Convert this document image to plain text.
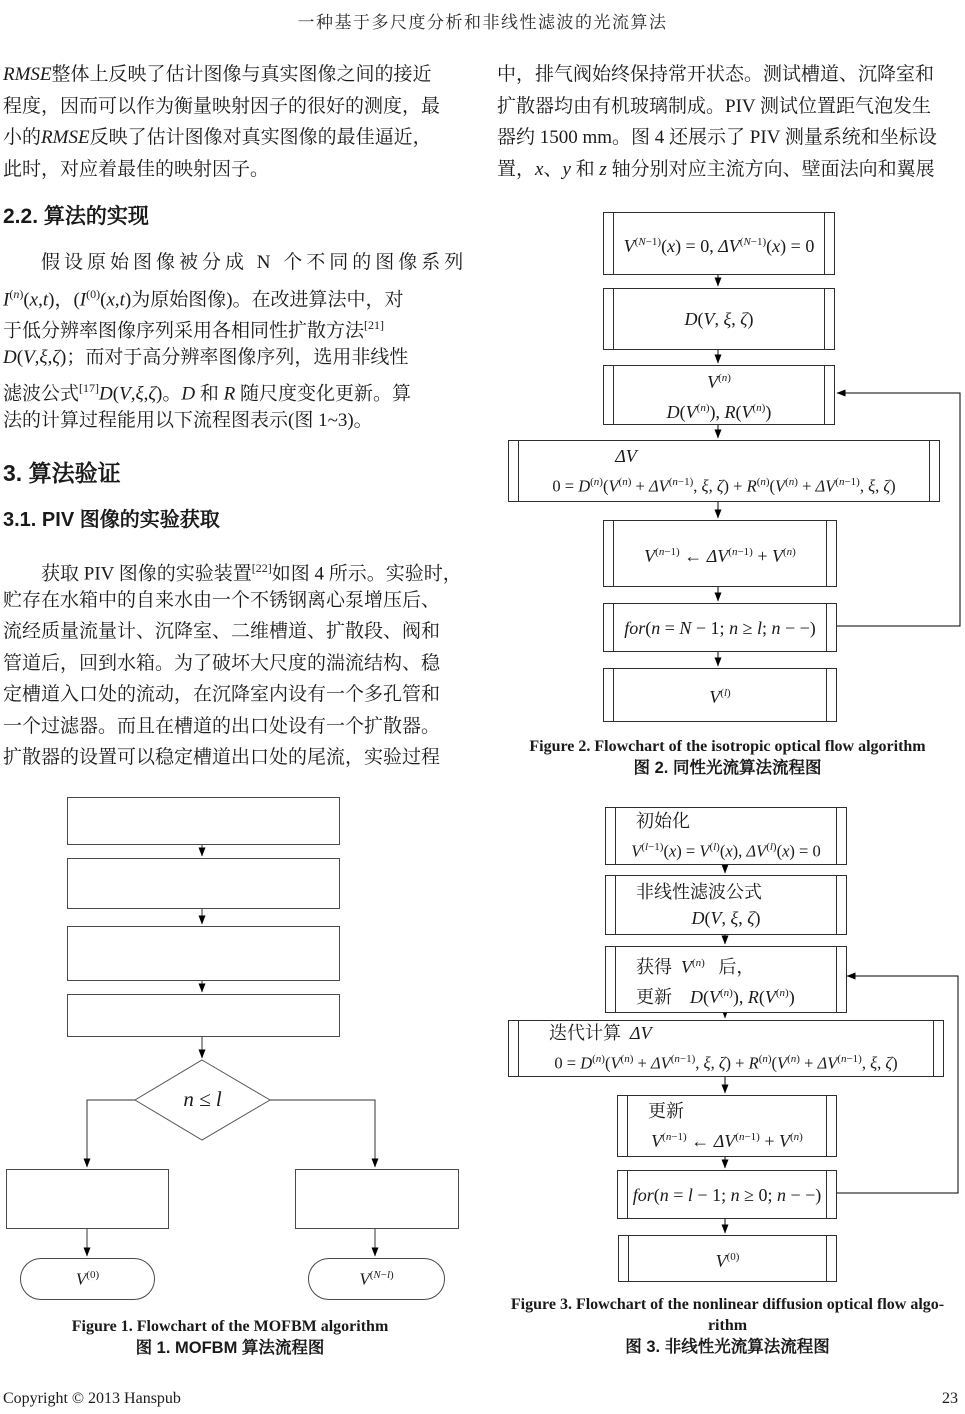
一种基于多尺度分析和非线性滤波的光流算法
RMSE整体上反映了估计图像与真实图像之间的接近
程度，因而可以作为衡量映射因子的很好的测度，最
小的RMSE反映了估计图像对真实图像的最佳逼近，
此时，对应着最佳的映射因子。
2.2. 算法的实现
假设原始图像被分成 N 个不同的图像系列
$I^{(n)}(x,t)$，($I^{(0)}(x,t)$为原始图像)。在改进算法中，对
于低分辨率图像序列采用各相同性扩散方法[21]
D(V,ξ,ζ)；而对于高分辨率图像序列，选用非线性
滤波公式[17]D(V,ξ,ζ)。D 和 R 随尺度变化更新。算
法的计算过程能用以下流程图表示(图 1~3)。
3. 算法验证
3.1. PIV 图像的实验获取
获取 PIV 图像的实验装置[22]如图 4 所示。实验时，
贮存在水箱中的自来水由一个不锈钢离心泵增压后、
流经质量流量计、沉降室、二维槽道、扩散段、阀和
管道后，回到水箱。为了破坏大尺度的湍流结构、稳
定槽道入口处的流动，在沉降室内设有一个多孔管和
一个过滤器。而且在槽道的出口处设有一个扩散器。
扩散器的设置可以稳定槽道出口处的尾流，实验过程
中，排气阀始终保持常开状态。测试槽道、沉降室和
扩散器均由有机玻璃制成。PIV 测试位置距气泡发生
器约 1500 mm。图 4 还展示了 PIV 测量系统和坐标设
置，x、y 和 z 轴分别对应主流方向、壁面法向和翼展
$V^{(N-1)}(x) = 0$, $\Delta V^{(N-1)}(x) = 0$
D(V, ξ, ζ)
$V^{(n)}$
$D(V^{(n)})$, $R(V^{(n)})$
ΔV
$0 = D^{(n)}(V^{(n)} + \Delta V^{(n-1)}$, ξ, $\zeta) + R^{(n)}(V^{(n)} + \Delta V^{(n-1)}$, ξ, ζ)
$V^{(n-1)}$ ← $\Delta V^{(n-1)} + V^{(n)}$
for(n = N − 1; n ≥ l; n − −)
$V^{(l)}$
Figure 2. Flowchart of the isotropic optical flow algorithm
图 2. 同性光流算法流程图
初始化
$V^{(l-1)}(x) = V^{(l)}(x)$, $\Delta V^{(l)}(x) = 0$
非线性滤波公式
D(V, ξ, ζ)
获得  $V^{(n)}$   后，
更新    $D(V^{(n)})$, $R(V^{(n)})$
迭代计算  ΔV
$0 = D^{(n)}(V^{(n)} + \Delta V^{(n-1)}$, ξ, $\zeta) + R^{(n)}(V^{(n)} + \Delta V^{(n-1)}$, ξ, ζ)
更新
$V^{(n-1)}$ ← $\Delta V^{(n-1)} + V^{(n)}$
for(n = l − 1; n ≥ 0; n − −)
$V^{(0)}$
Figure 3. Flowchart of the nonlinear diffusion optical flow algo-
rithm
图 3. 非线性光流算法流程图
n ≤ l
$V^{(0)}$	$V^{(N-l)}$
Figure 1. Flowchart of the MOFBM algorithm
图 1. MOFBM 算法流程图
Copyright © 2013 Hanspub	23
